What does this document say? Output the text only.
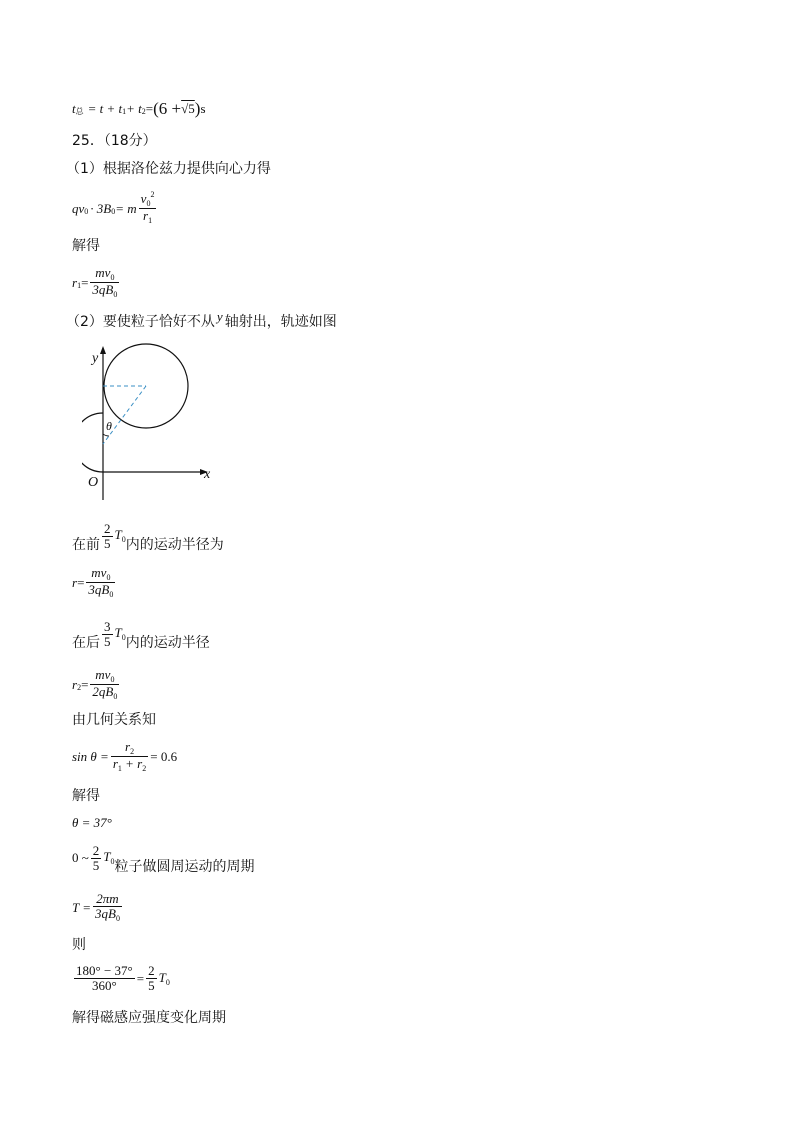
t 总 = t + t 1 + t 2 = (6 + √5 ) s
25．（18分）
（1）根据洛伦兹力提供向心力得
qv 0 · 3B 0 = m $\frac{v_0^2}{r_1}$
解得
r $1 = \frac{mv_0}{3qB_0}$
（2）要使粒子恰好不从 y 轴射出，轨迹如图
θ
y
x
O
在前 $\frac{2}{5} T_0$ 内的运动半径为
$r = \frac{mv_0}{3qB_0}$
在后 $\frac{3}{5} T_0$ 内的运动半径
r $2 = \frac{mv_0}{2qB_0}$
由几何关系知
$\sin \theta = \frac{r_2}{r_1 + r_2} = 0.6$
解得
θ = 37°
0 ~ $\frac{2}{5} T_0$ 粒子做圆周运动的周期
$T = \frac{2\pi m}{3qB_0}$
则
$\frac{180^\circ - 37^\circ}{360^\circ} = \frac{2}{5} T_0$
解得磁感应强度变化周期
